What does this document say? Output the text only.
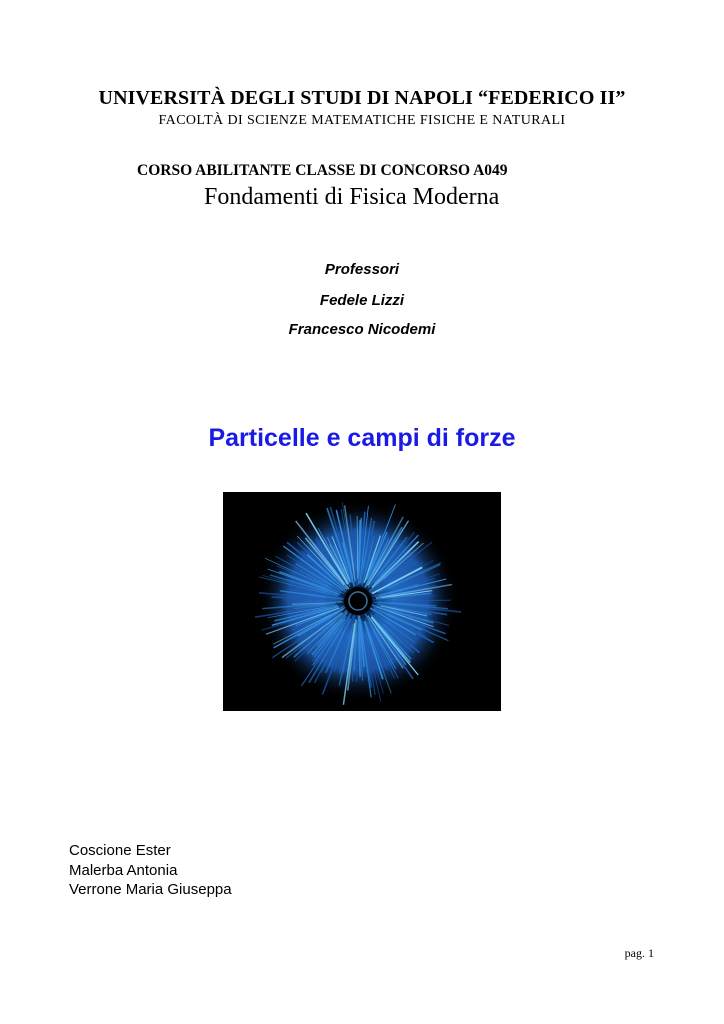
UNIVERSITÀ DEGLI STUDI DI NAPOLI “FEDERICO II”
FACOLTÀ DI SCIENZE MATEMATICHE FISICHE E NATURALI
CORSO ABILITANTE CLASSE DI CONCORSO A049
Fondamenti di Fisica Moderna
Professori
Fedele Lizzi
Francesco Nicodemi
Particelle e campi di forze
Coscione Ester
Malerba Antonia
Verrone Maria Giuseppa
pag. 1
